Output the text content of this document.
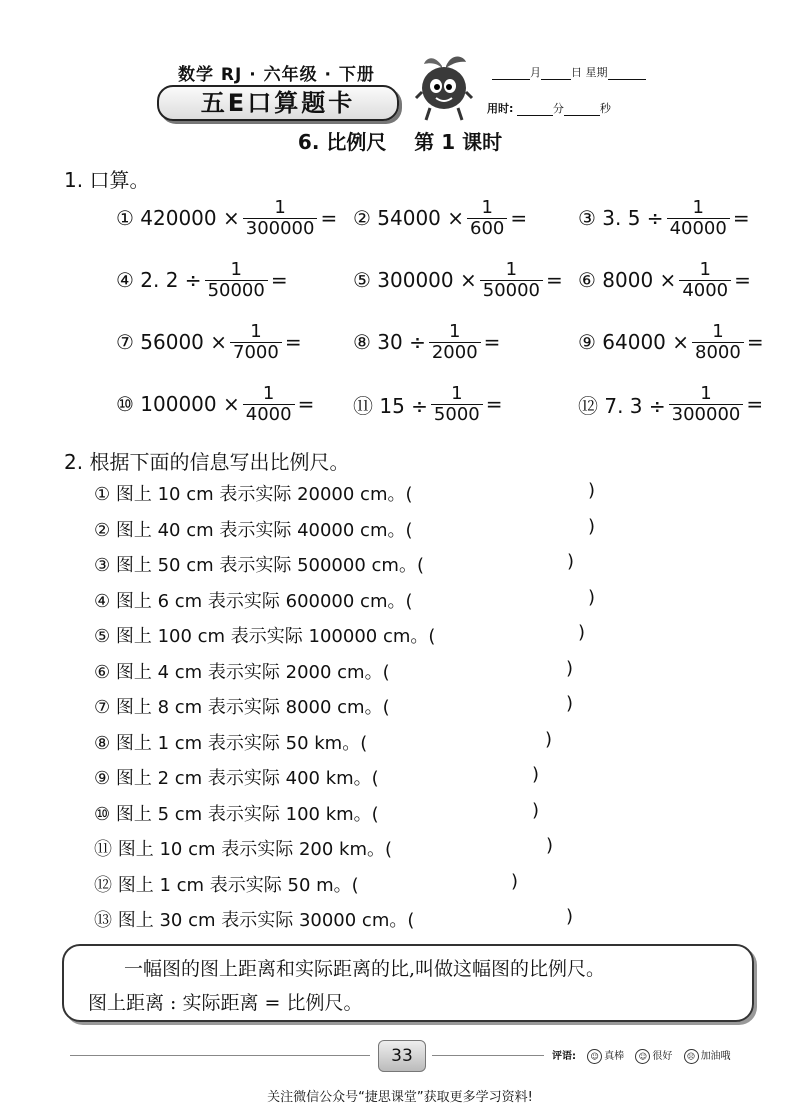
数学 RJ · 六年级 · 下册
五E口算题卡
月	日 星期
用时:	分	秒
6. 比例尺    第 1 课时
1. 口算。
① $420000 \times \frac{1}{300000}$ = ② $54000 \times \frac{1}{600}$ =	③ 3. $5 \div \frac{1}{40000}$ =
④ 2. $2 \div \frac{1}{50000}$ =	⑤ $300000 \times \frac{1}{50000}$ = ⑥ $8000 \times \frac{1}{4000}$ =
⑦ $56000 \times \frac{1}{7000}$ =	⑧ $30 \div \frac{1}{2000}$ =	⑨ $64000 \times \frac{1}{8000}$ =
⑩ $100000 \times \frac{1}{4000}$ = ⑪ $15 \div \frac{1}{5000}$ =	⑫ 7. $3 \div \frac{1}{300000}$ =
2. 根据下面的信息写出比例尺。
① 图上 10 cm 表示实际 20000 cm。(	)
② 图上 40 cm 表示实际 40000 cm。(	)
③ 图上 50 cm 表示实际 500000 cm。(	)
④ 图上 6 cm 表示实际 600000 cm。(	)
⑤ 图上 100 cm 表示实际 100000 cm。(	)
⑥ 图上 4 cm 表示实际 2000 cm。(	)
⑦ 图上 8 cm 表示实际 8000 cm。(	)
⑧ 图上 1 cm 表示实际 50 km。(	)
⑨ 图上 2 cm 表示实际 400 km。(	)
⑩ 图上 5 cm 表示实际 100 km。(	)
⑪ 图上 10 cm 表示实际 200 km。(	)
⑫ 图上 1 cm 表示实际 50 m。(	)
⑬ 图上 30 cm 表示实际 30000 cm。(	)
一幅图的图上距离和实际距离的比,叫做这幅图的比例尺。
图上距离 : 实际距离 = 比例尺。
33	评语: ☺ 真棒 ☺ 很好 ☹ 加油哦
关注微信公众号“捷思课堂”获取更多学习资料!
